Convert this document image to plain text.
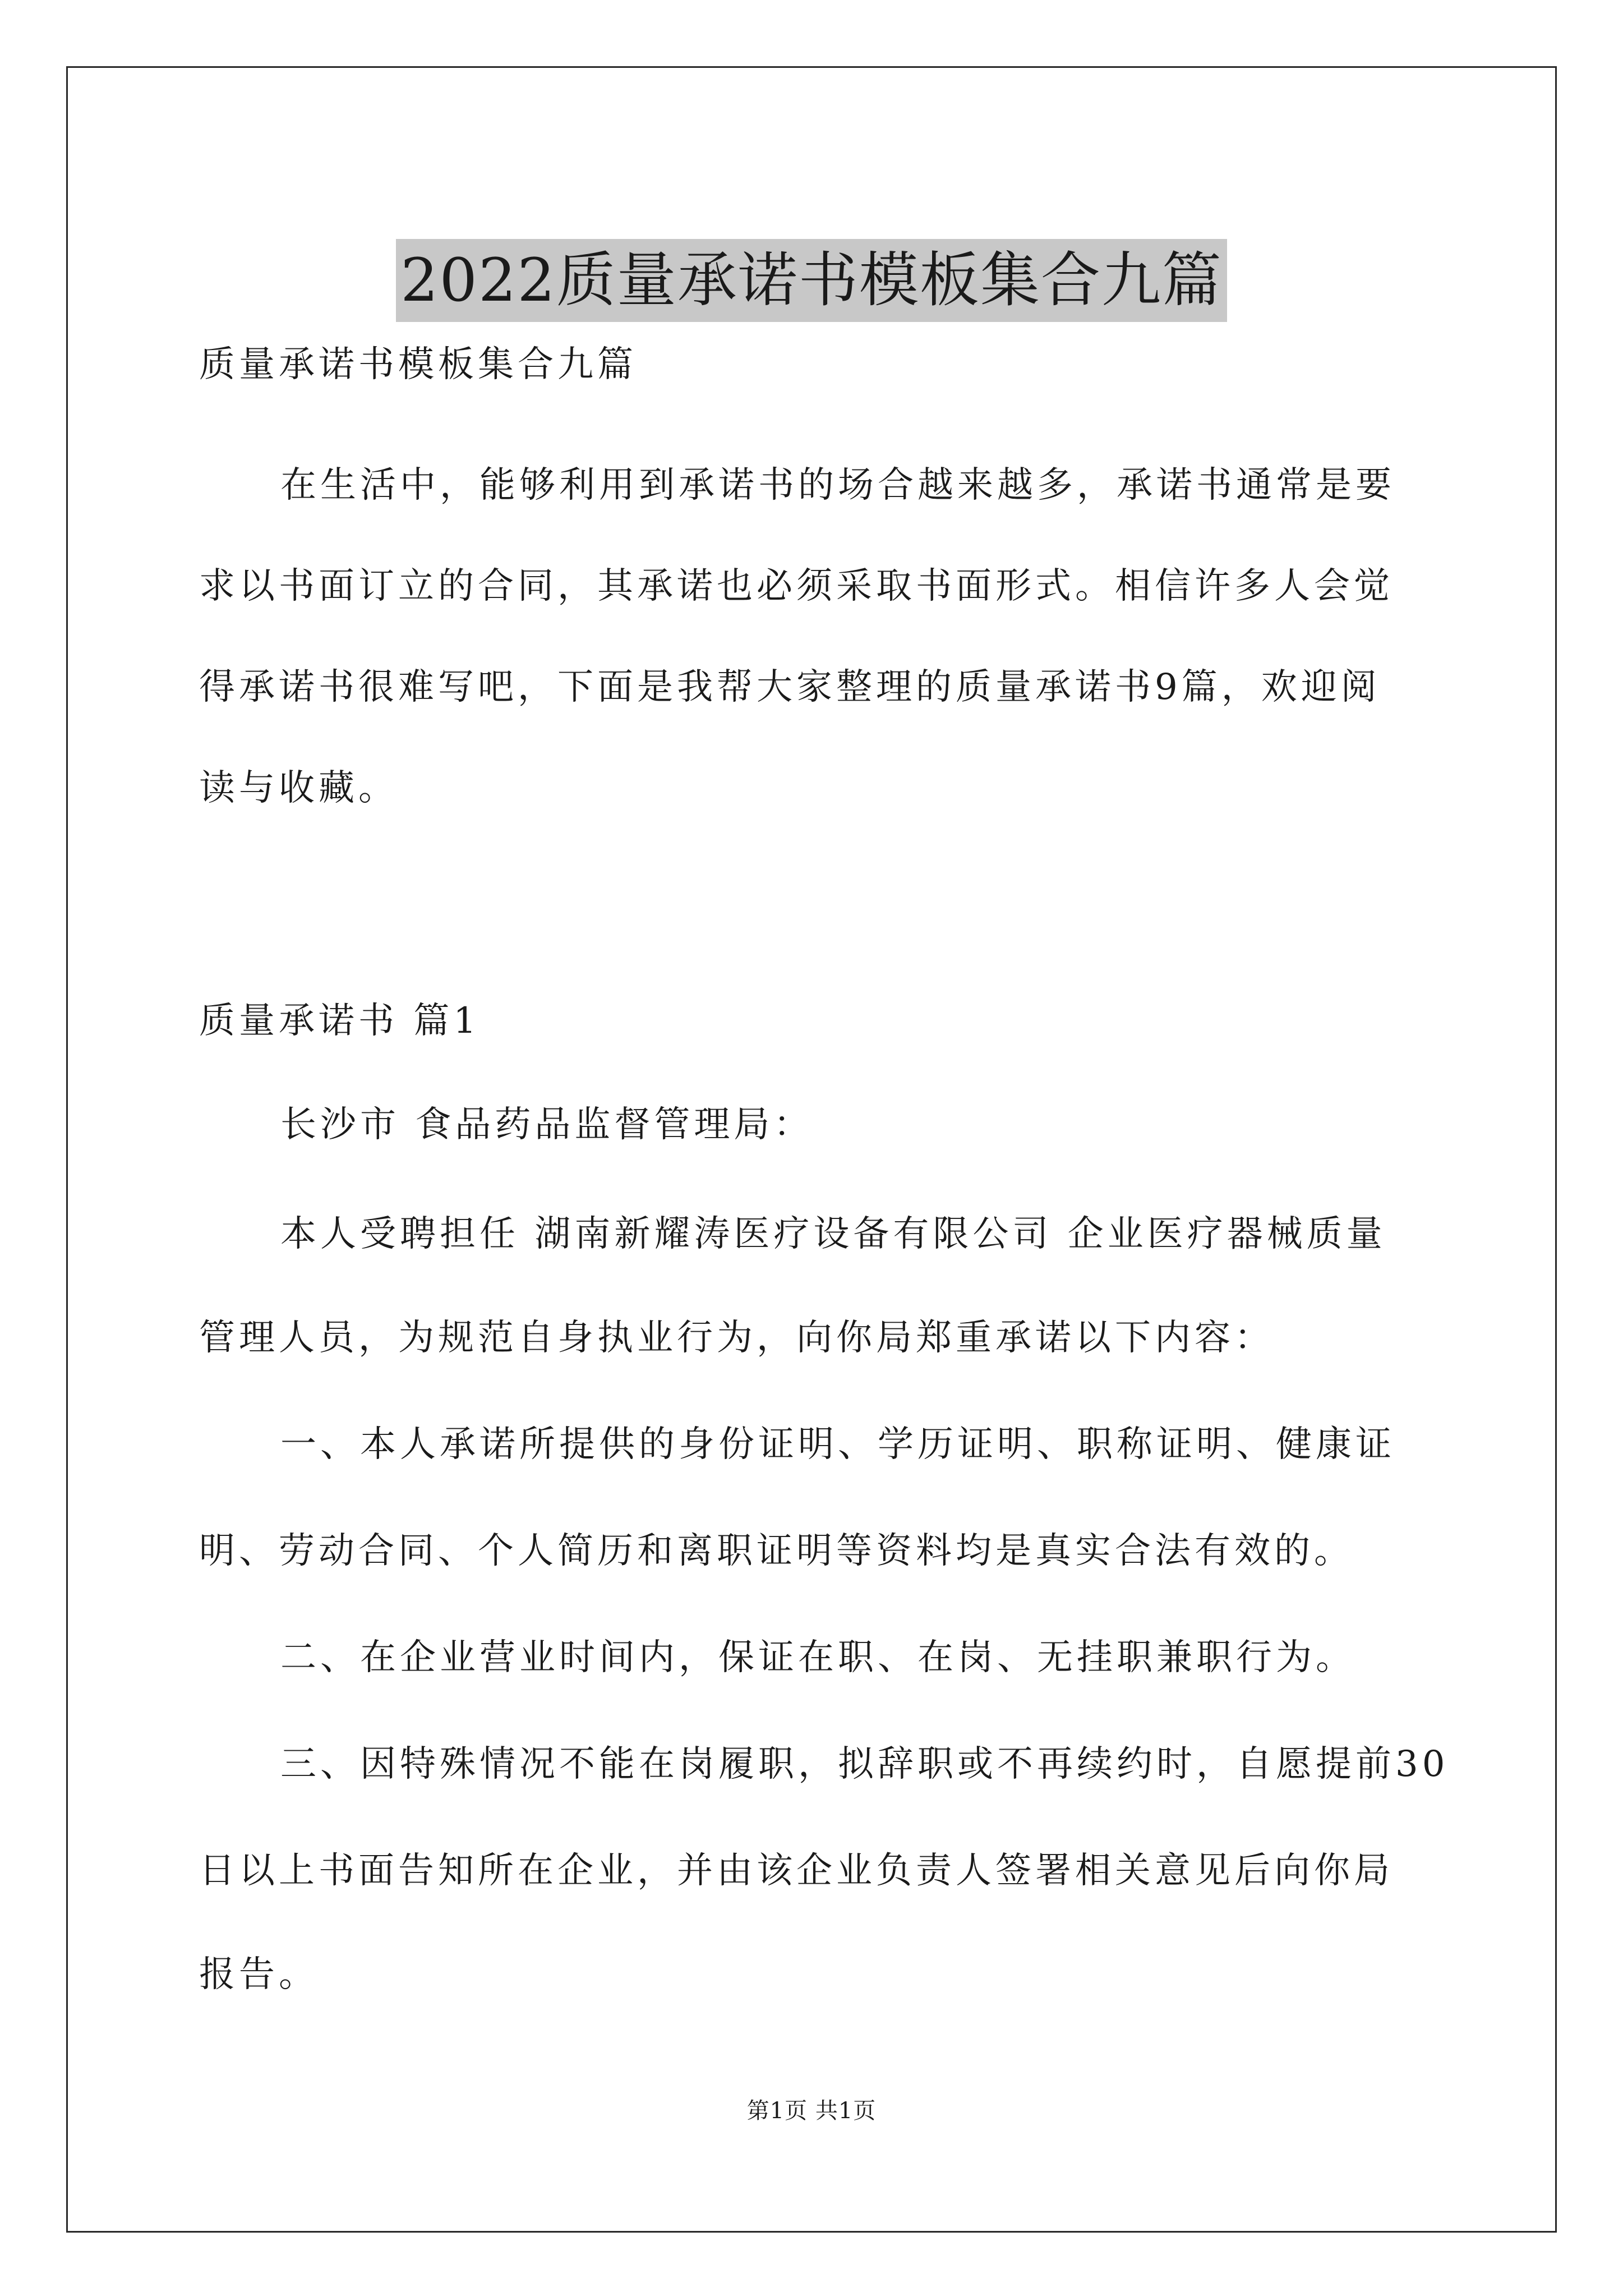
2022质量承诺书模板集合九篇
质量承诺书模板集合九篇
在生活中，能够利用到承诺书的场合越来越多，承诺书通常是要
求以书面订立的合同，其承诺也必须采取书面形式。相信许多人会觉
得承诺书很难写吧，下面是我帮大家整理的质量承诺书9篇，欢迎阅
读与收藏。
质量承诺书 篇1
长沙市 食品药品监督管理局：
本人受聘担任 湖南新耀涛医疗设备有限公司 企业医疗器械质量
管理人员，为规范自身执业行为，向你局郑重承诺以下内容：
一、本人承诺所提供的身份证明、学历证明、职称证明、健康证
明、劳动合同、个人简历和离职证明等资料均是真实合法有效的。
二、在企业营业时间内，保证在职、在岗、无挂职兼职行为。
三、因特殊情况不能在岗履职，拟辞职或不再续约时，自愿提前30
日以上书面告知所在企业，并由该企业负责人签署相关意见后向你局
报告。
第1页 共1页
